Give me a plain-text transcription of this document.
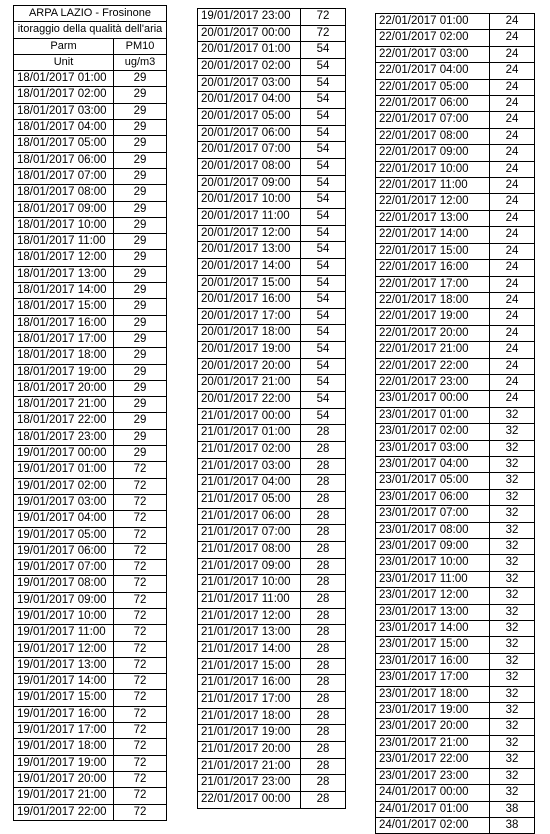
ARPA LAZIO - Frosinone	
itoraggio della qualità dell'aria	
Parm	PM10
Unit	ug/m3
18/01/2017 01:00	29
18/01/2017 02:00	29
18/01/2017 03:00	29
18/01/2017 04:00	29
18/01/2017 05:00	29
18/01/2017 06:00	29
18/01/2017 07:00	29
18/01/2017 08:00	29
18/01/2017 09:00	29
18/01/2017 10:00	29
18/01/2017 11:00	29
18/01/2017 12:00	29
18/01/2017 13:00	29
18/01/2017 14:00	29
18/01/2017 15:00	29
18/01/2017 16:00	29
18/01/2017 17:00	29
18/01/2017 18:00	29
18/01/2017 19:00	29
18/01/2017 20:00	29
18/01/2017 21:00	29
18/01/2017 22:00	29
18/01/2017 23:00	29
19/01/2017 00:00	29
19/01/2017 01:00	72
19/01/2017 02:00	72
19/01/2017 03:00	72
19/01/2017 04:00	72
19/01/2017 05:00	72
19/01/2017 06:00	72
19/01/2017 07:00	72
19/01/2017 08:00	72
19/01/2017 09:00	72
19/01/2017 10:00	72
19/01/2017 11:00	72
19/01/2017 12:00	72
19/01/2017 13:00	72
19/01/2017 14:00	72
19/01/2017 15:00	72
19/01/2017 16:00	72
19/01/2017 17:00	72
19/01/2017 18:00	72
19/01/2017 19:00	72
19/01/2017 20:00	72
19/01/2017 21:00	72
19/01/2017 22:00	72
19/01/2017 23:00	72
20/01/2017 00:00	72
20/01/2017 01:00	54
20/01/2017 02:00	54
20/01/2017 03:00	54
20/01/2017 04:00	54
20/01/2017 05:00	54
20/01/2017 06:00	54
20/01/2017 07:00	54
20/01/2017 08:00	54
20/01/2017 09:00	54
20/01/2017 10:00	54
20/01/2017 11:00	54
20/01/2017 12:00	54
20/01/2017 13:00	54
20/01/2017 14:00	54
20/01/2017 15:00	54
20/01/2017 16:00	54
20/01/2017 17:00	54
20/01/2017 18:00	54
20/01/2017 19:00	54
20/01/2017 20:00	54
20/01/2017 21:00	54
20/01/2017 22:00	54
21/01/2017 00:00	54
21/01/2017 01:00	28
21/01/2017 02:00	28
21/01/2017 03:00	28
21/01/2017 04:00	28
21/01/2017 05:00	28
21/01/2017 06:00	28
21/01/2017 07:00	28
21/01/2017 08:00	28
21/01/2017 09:00	28
21/01/2017 10:00	28
21/01/2017 11:00	28
21/01/2017 12:00	28
21/01/2017 13:00	28
21/01/2017 14:00	28
21/01/2017 15:00	28
21/01/2017 16:00	28
21/01/2017 17:00	28
21/01/2017 18:00	28
21/01/2017 19:00	28
21/01/2017 20:00	28
21/01/2017 21:00	28
21/01/2017 23:00	28
22/01/2017 00:00	28
22/01/2017 01:00	24
22/01/2017 02:00	24
22/01/2017 03:00	24
22/01/2017 04:00	24
22/01/2017 05:00	24
22/01/2017 06:00	24
22/01/2017 07:00	24
22/01/2017 08:00	24
22/01/2017 09:00	24
22/01/2017 10:00	24
22/01/2017 11:00	24
22/01/2017 12:00	24
22/01/2017 13:00	24
22/01/2017 14:00	24
22/01/2017 15:00	24
22/01/2017 16:00	24
22/01/2017 17:00	24
22/01/2017 18:00	24
22/01/2017 19:00	24
22/01/2017 20:00	24
22/01/2017 21:00	24
22/01/2017 22:00	24
22/01/2017 23:00	24
23/01/2017 00:00	24
23/01/2017 01:00	32
23/01/2017 02:00	32
23/01/2017 03:00	32
23/01/2017 04:00	32
23/01/2017 05:00	32
23/01/2017 06:00	32
23/01/2017 07:00	32
23/01/2017 08:00	32
23/01/2017 09:00	32
23/01/2017 10:00	32
23/01/2017 11:00	32
23/01/2017 12:00	32
23/01/2017 13:00	32
23/01/2017 14:00	32
23/01/2017 15:00	32
23/01/2017 16:00	32
23/01/2017 17:00	32
23/01/2017 18:00	32
23/01/2017 19:00	32
23/01/2017 20:00	32
23/01/2017 21:00	32
23/01/2017 22:00	32
23/01/2017 23:00	32
24/01/2017 00:00	32
24/01/2017 01:00	38
24/01/2017 02:00	38
